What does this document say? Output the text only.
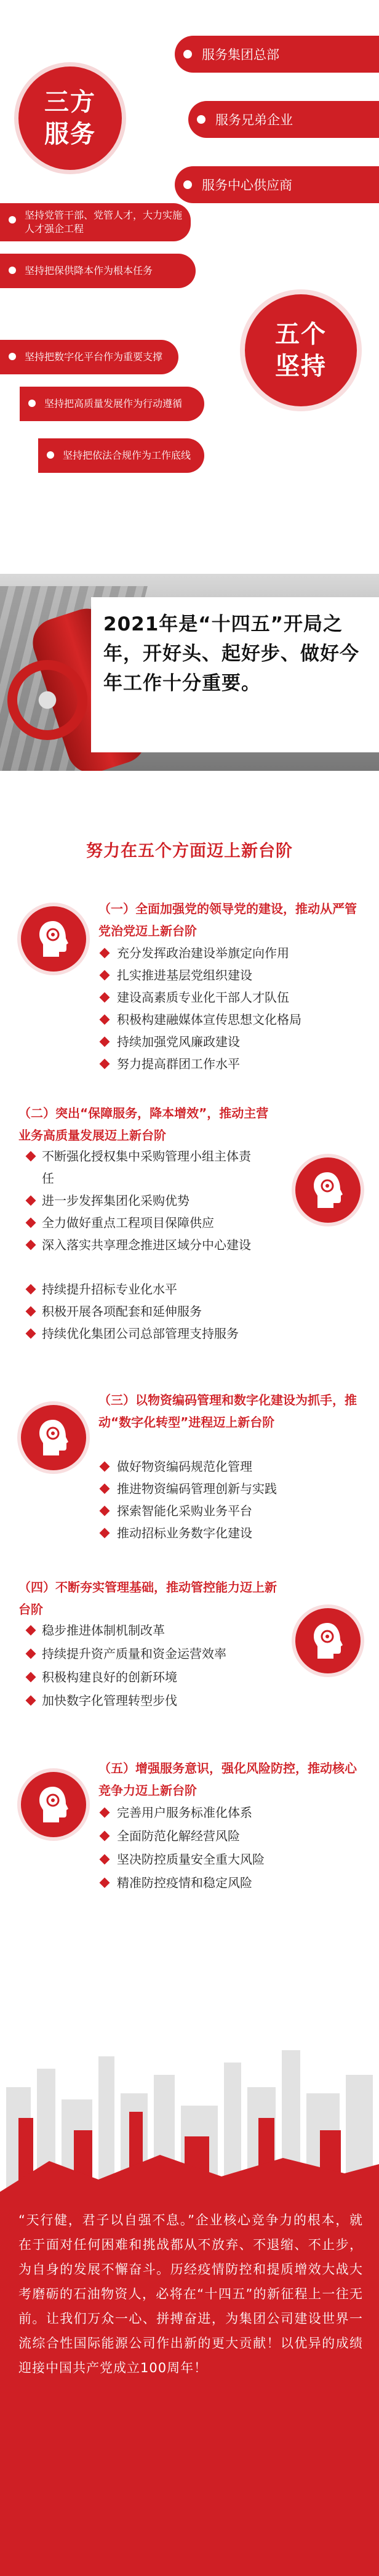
三方
服务
服务集团总部
服务兄弟企业
服务中心供应商
坚持党管干部、党管人才，大力实施人才强企工程
坚持把保供降本作为根本任务
坚持把数字化平台作为重要支撑
坚持把高质量发展作为行动遵循
坚持把依法合规作为工作底线
五个
坚持
2021年是“十四五”开局之年，开好头、起好步、做好今年工作十分重要。
努力在五个方面迈上新台阶
（一）全面加强党的领导党的建设，推动从严管党治党迈上新台阶
充分发挥政治建设举旗定向作用
扎实推进基层党组织建设
建设高素质专业化干部人才队伍
积极构建融媒体宣传思想文化格局
持续加强党风廉政建设
努力提高群团工作水平
（二）突出“保障服务，降本增效”，推动主营业务高质量发展迈上新台阶
不断强化授权集中采购管理小组主体责任
进一步发挥集团化采购优势
全力做好重点工程项目保障供应
深入落实共享理念推进区域分中心建设
持续提升招标专业化水平
积极开展各项配套和延伸服务
持续优化集团公司总部管理支持服务
（三）以物资编码管理和数字化建设为抓手，推动“数字化转型”进程迈上新台阶
做好物资编码规范化管理
推进物资编码管理创新与实践
探索智能化采购业务平台
推动招标业务数字化建设
（四）不断夯实管理基础，推动管控能力迈上新台阶
稳步推进体制机制改革
持续提升资产质量和资金运营效率
积极构建良好的创新环境
加快数字化管理转型步伐
（五）增强服务意识，强化风险防控，推动核心竞争力迈上新台阶
完善用户服务标准化体系
全面防范化解经营风险
坚决防控质量安全重大风险
精准防控疫情和稳定风险
“天行健，君子以自强不息。”企业核心竞争力的根本，就在于面对任何困难和挑战都从不放弃、不退缩、不止步，为自身的发展不懈奋斗。历经疫情防控和提质增效大战大考磨砺的石油物资人，必将在“十四五”的新征程上一往无前。让我们万众一心、拼搏奋进，为集团公司建设世界一流综合性国际能源公司作出新的更大贡献！以优异的成绩迎接中国共产党成立100周年！
